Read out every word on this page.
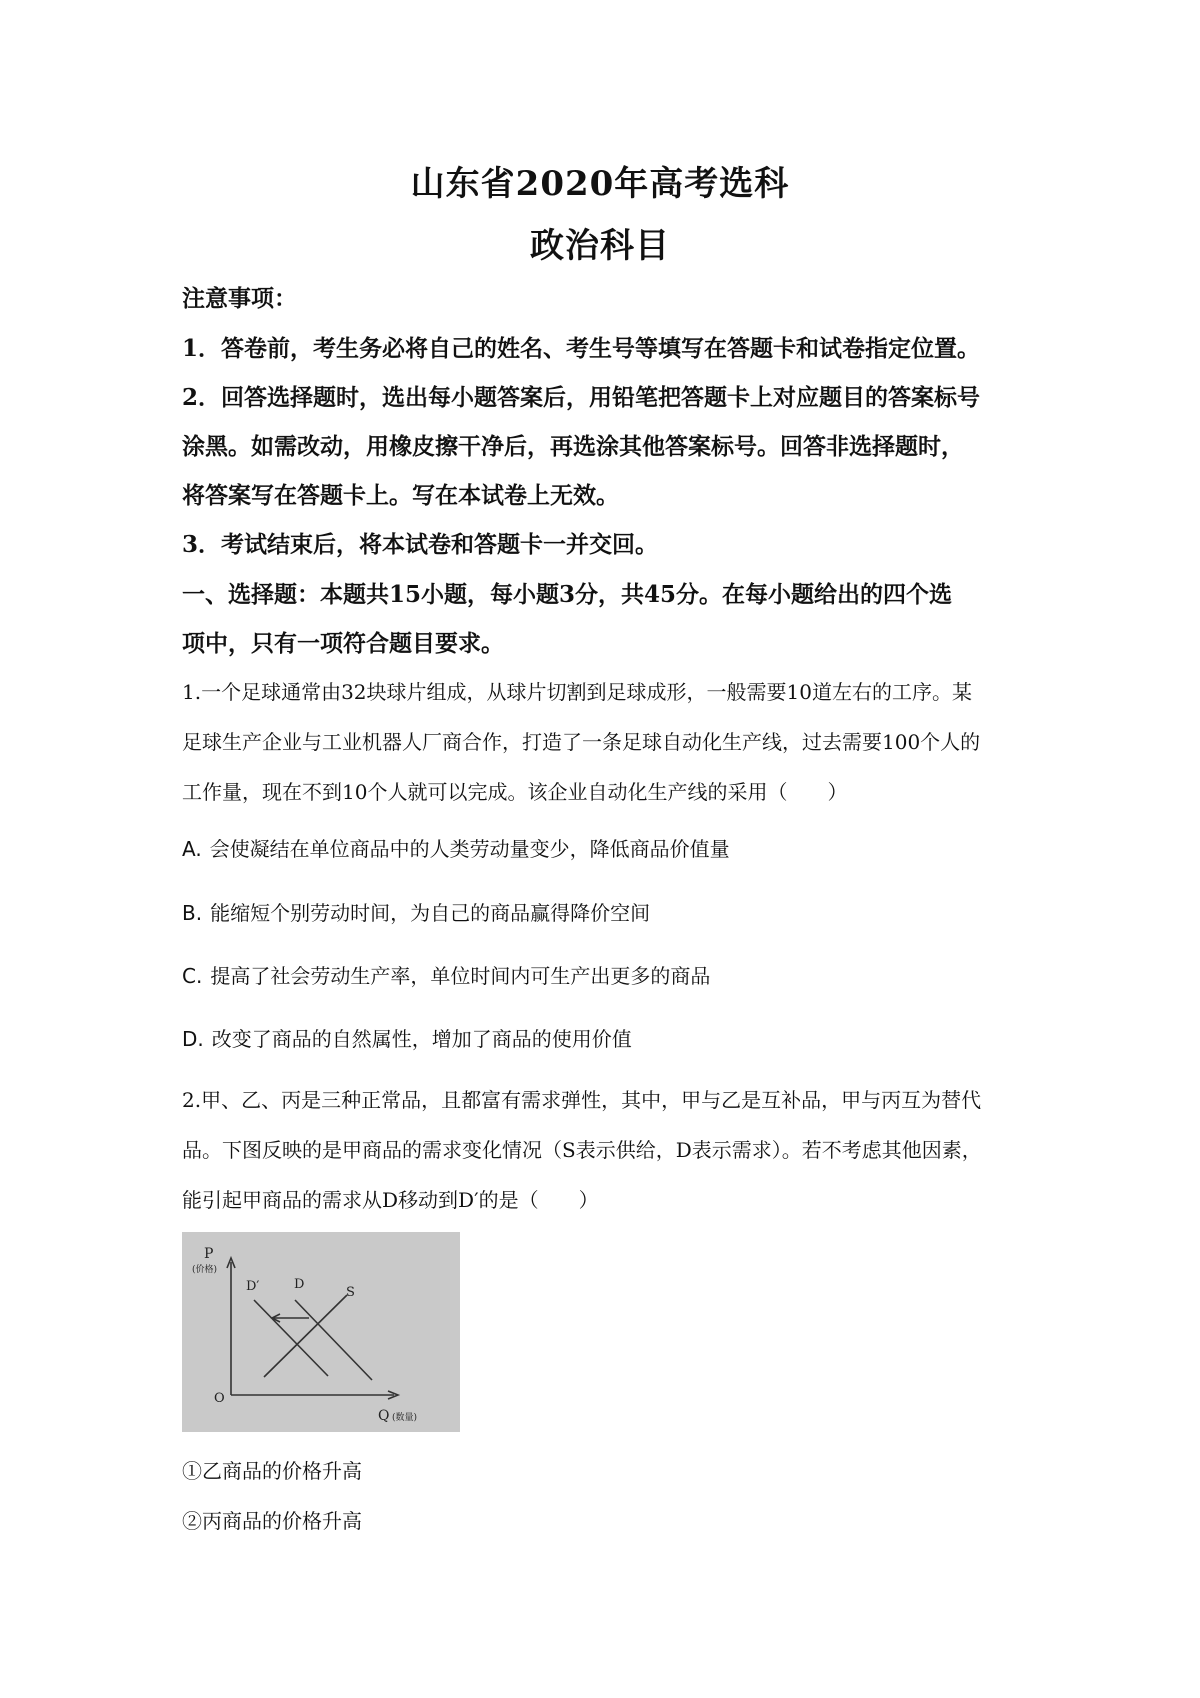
山东省2020年高考选科
政治科目
注意事项：
1．答卷前，考生务必将自己的姓名、考生号等填写在答题卡和试卷指定位置。
2．回答选择题时，选出每小题答案后，用铅笔把答题卡上对应题目的答案标号
涂黑。如需改动，用橡皮擦干净后，再选涂其他答案标号。回答非选择题时，
将答案写在答题卡上。写在本试卷上无效。
3．考试结束后，将本试卷和答题卡一并交回。
一、选择题：本题共15小题，每小题3分，共45分。在每小题给出的四个选
项中，只有一项符合题目要求。
1.一个足球通常由32块球片组成，从球片切割到足球成形，一般需要10道左右的工序。某
足球生产企业与工业机器人厂商合作，打造了一条足球自动化生产线，过去需要100个人的
工作量，现在不到10个人就可以完成。该企业自动化生产线的采用（　　）
A. 会使凝结在单位商品中的人类劳动量变少，降低商品价值量
B. 能缩短个别劳动时间，为自己的商品赢得降价空间
C. 提高了社会劳动生产率，单位时间内可生产出更多的商品
D. 改变了商品的自然属性，增加了商品的使用价值
2.甲、乙、丙是三种正常品，且都富有需求弹性，其中，甲与乙是互补品，甲与丙互为替代
品。下图反映的是甲商品的需求变化情况（S表示供给，D表示需求）。若不考虑其他因素，
能引起甲商品的需求从D移动到D′的是（　　）
P
(价格)
Q (数量)
O
D′	D
S
①乙商品的价格升高
②丙商品的价格升高
